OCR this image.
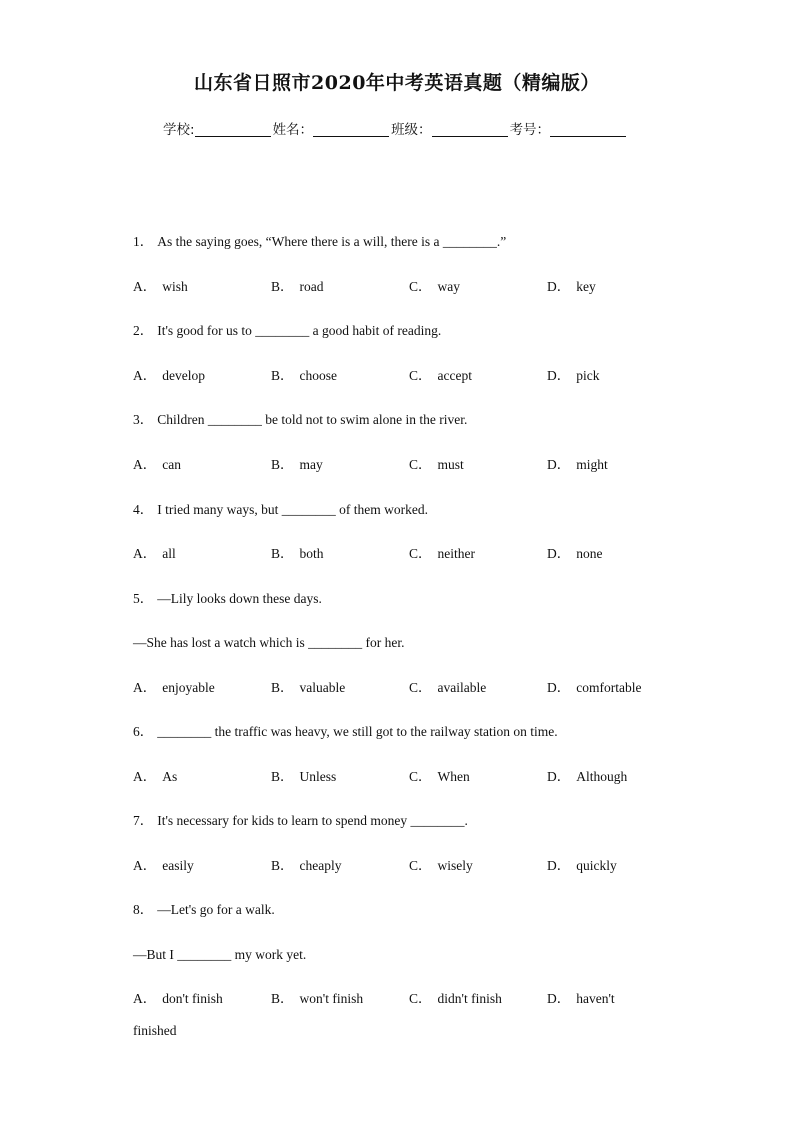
山东省日照市2020年中考英语真题（精编版）
学校:	姓名：	班级：	考号：
1． As the saying goes, “Where there is a will, there is a ________.”
A． wish	B． road	C． way	D． key
2． It's good for us to ________ a good habit of reading.
A． develop	B． choose	C． accept	D． pick
3． Children ________ be told not to swim alone in the river.
A． can	B． may	C． must	D． might
4． I tried many ways, but ________ of them worked.
A． all	B． both	C． neither	D． none
5． —Lily looks down these days.
—She has lost a watch which is ________ for her.
A． enjoyable	B． valuable	C． available	D． comfortable
6． ________ the traffic was heavy, we still got to the railway station on time.
A． As	B． Unless	C． When	D． Although
7． It's necessary for kids to learn to spend money ________.
A． easily	B． cheaply	C． wisely	D． quickly
8． —Let's go for a walk.
—But I ________ my work yet.
A． don't finish	B． won't finish	C． didn't finish	D． haven't
finished
